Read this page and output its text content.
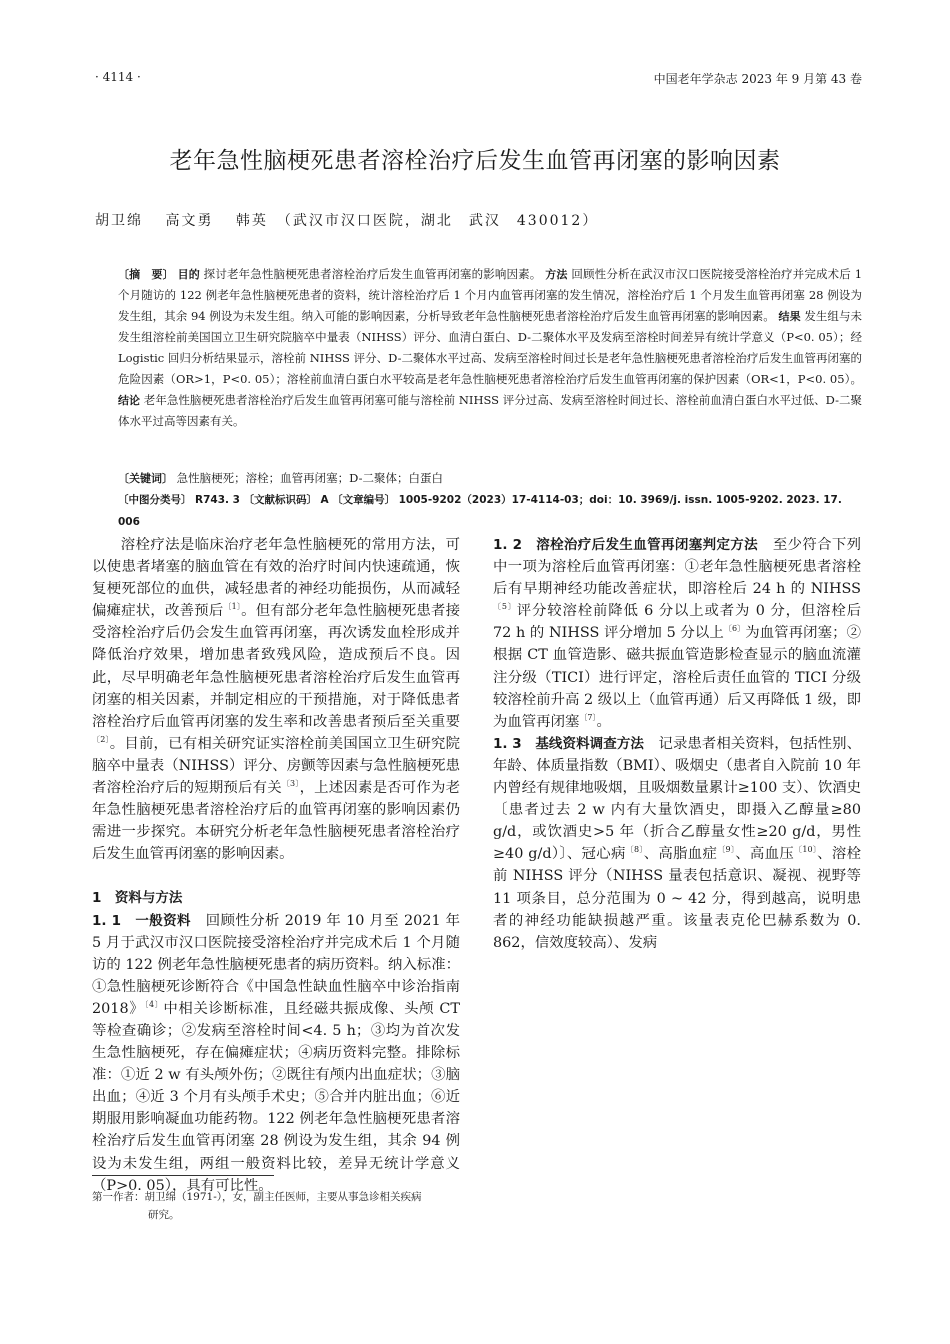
· 4114 ·	中国老年学杂志 2023 年 9 月第 43 卷
老年急性脑梗死患者溶栓治疗后发生血管再闭塞的影响因素
胡卫绵　 高文勇　 韩英　（武汉市汉口医院，湖北　武汉　430012）
〔摘　要〕 目的 探讨老年急性脑梗死患者溶栓治疗后发生血管再闭塞的影响因素。 方法 回顾性分析在武汉市汉口医院接受溶栓治疗并完成术后 1 个月随访的 122 例老年急性脑梗死患者的资料，统计溶栓治疗后 1 个月内血管再闭塞的发生情况，溶栓治疗后 1 个月发生血管再闭塞 28 例设为发生组，其余 94 例设为未发生组。纳入可能的影响因素，分析导致老年急性脑梗死患者溶栓治疗后发生血管再闭塞的影响因素。 结果 发生组与未发生组溶栓前美国国立卫生研究院脑卒中量表（NIHSS）评分、血清白蛋白、D-二聚体水平及发病至溶栓时间差异有统计学意义（P<0. 05）；经 Logistic 回归分析结果显示，溶栓前 NIHSS 评分、D-二聚体水平过高、发病至溶栓时间过长是老年急性脑梗死患者溶栓治疗后发生血管再闭塞的危险因素（OR>1，P<0. 05）；溶栓前血清白蛋白水平较高是老年急性脑梗死患者溶栓治疗后发生血管再闭塞的保护因素（OR<1，P<0. 05）。 结论 老年急性脑梗死患者溶栓治疗后发生血管再闭塞可能与溶栓前 NIHSS 评分过高、发病至溶栓时间过长、溶栓前血清白蛋白水平过低、D-二聚体水平过高等因素有关。
〔关键词〕 急性脑梗死；溶栓；血管再闭塞；D-二聚体；白蛋白
〔中图分类号〕 R743. 3 〔文献标识码〕 A 〔文章编号〕 1005-9202（2023）17-4114-03；doi：10. 3969/j. issn. 1005-9202. 2023. 17. 006

溶栓疗法是临床治疗老年急性脑梗死的常用方法，可以使患者堵塞的脑血管在有效的治疗时间内快速疏通，恢复梗死部位的血供，减轻患者的神经功能损伤，从而减轻偏瘫症状，改善预后$^{〔1〕}$。但有部分老年急性脑梗死患者接受溶栓治疗后仍会发生血管再闭塞，再次诱发血栓形成并降低治疗效果，增加患者致残风险，造成预后不良。因此，尽早明确老年急性脑梗死患者溶栓治疗后发生血管再闭塞的相关因素，并制定相应的干预措施，对于降低患者溶栓治疗后血管再闭塞的发生率和改善患者预后至关重要$^{〔2〕}$。目前，已有相关研究证实溶栓前美国国立卫生研究院脑卒中量表（NIHSS）评分、房颤等因素与急性脑梗死患者溶栓治疗后的短期预后有关$^{〔3〕}$，上述因素是否可作为老年急性脑梗死患者溶栓治疗后的血管再闭塞的影响因素仍需进一步探究。本研究分析老年急性脑梗死患者溶栓治疗后发生血管再闭塞的影响因素。

1　资料与方法

1. 1　一般资料　 回顾性分析 2019 年 10 月至 2021 年 5 月于武汉市汉口医院接受溶栓治疗并完成术后 1 个月随访的 122 例老年急性脑梗死患者的病历资料。纳入标准：①急性脑梗死诊断符合《中国急性缺血性脑卒中诊治指南 2018》$^{〔4〕}$中相关诊断标准，且经磁共振成像、头颅 CT 等检查确诊；②发病至溶栓时间<4. 5 h；③均为首次发生急性脑梗死，存在偏瘫症状；④病历资料完整。排除标准：①近 2 w 有头颅外伤；②既往有颅内出血症状；③脑出血；④近 3 个月有头颅手术史；⑤合并内脏出血；⑥近期服用影响凝血功能药物。122 例老年急性脑梗死患者溶栓治疗后发生血管再闭塞 28 例设为发生组，其余 94 例设为未发生组，两组一般资料比较，差异无统计学意义（P>0. 05），具有可比性。

1. 2　溶栓治疗后发生血管再闭塞判定方法　 至少符合下列中一项为溶栓后血管再闭塞：①老年急性脑梗死患者溶栓后有早期神经功能改善症状，即溶栓后 24 h 的 $NIHSS^{〔5〕}$评分较溶栓前降低 6 分以上或者为 0 分，但溶栓后 72 h 的 NIHSS 评分增加 5 分以上$^{〔6〕}$为血管再闭塞；②根据 CT 血管造影、磁共振血管造影检查显示的脑血流灌注分级（TICI）进行评定，溶栓后责任血管的 TICI 分级较溶栓前升高 2 级以上（血管再通）后又再降低 1 级，即为血管再闭塞$^{〔7〕}$。

1. 3　基线资料调查方法　 记录患者相关资料，包括性别、年龄、体质量指数（BMI）、吸烟史（患者自入院前 10 年内曾经有规律地吸烟，且吸烟数量累计≥100 支）、饮酒史〔患者过去 2 w 内有大量饮酒史，即摄入乙醇量≥80 g/d，或饮酒史>5 年（折合乙醇量女性≥20 g/d，男性≥40 g/d）〕、冠心病$^{〔8〕}$、高脂血症$^{〔9〕}$、高血压$^{〔10〕}$、溶栓前 NIHSS 评分（NIHSS 量表包括意识、凝视、视野等 11 项条目，总分范围为 0 ~ 42 分，得到越高，说明患者的神经功能缺损越严重。该量表克伦巴赫系数为 0. 862，信效度较高）、发病

第一作者：胡卫绵（1971-），女，副主任医师，主要从事急诊相关疾病
研究。
